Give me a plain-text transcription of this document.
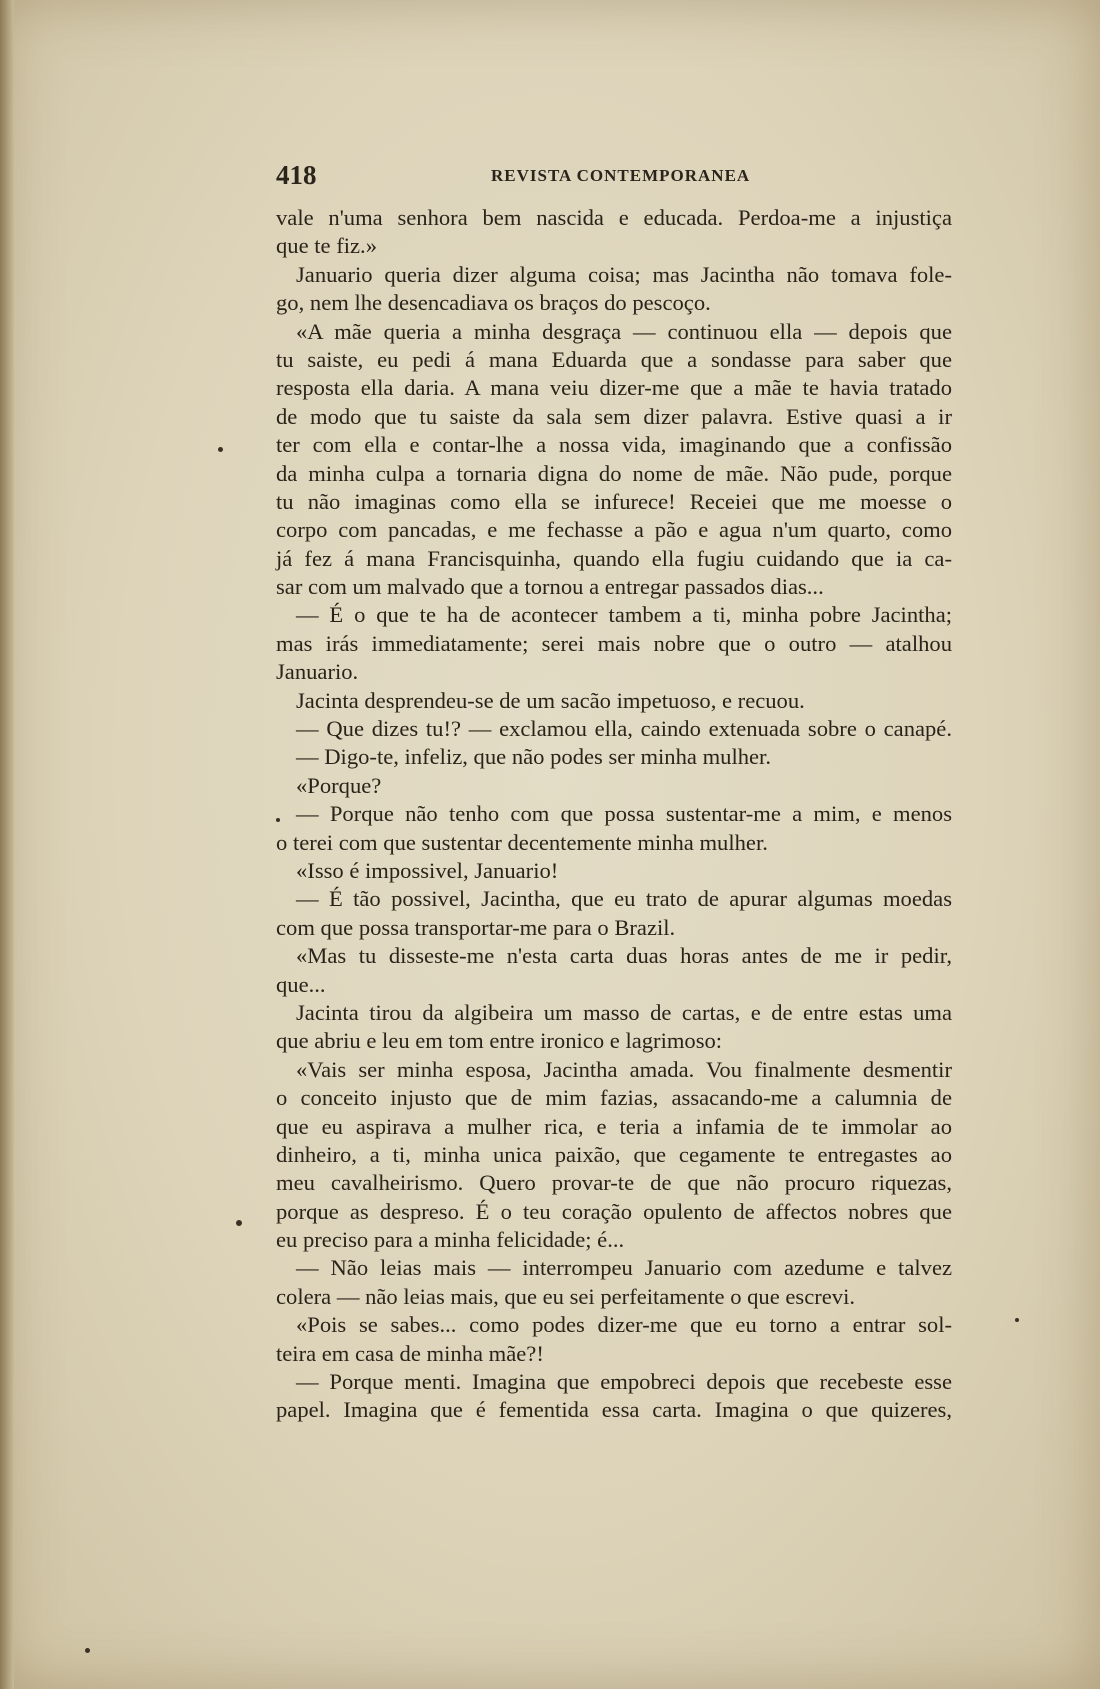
418	REVISTA CONTEMPORANEA
vale n'uma senhora bem nascida e educada. Perdoa-me a injustiça
que te fiz.»
Januario queria dizer alguma coisa; mas Jacintha não tomava fole-
go, nem lhe desencadiava os braços do pescoço.
«A mãe queria a minha desgraça — continuou ella — depois que
tu saiste, eu pedi á mana Eduarda que a sondasse para saber que
resposta ella daria. A mana veiu dizer-me que a mãe te havia tratado
de modo que tu saiste da sala sem dizer palavra. Estive quasi a ir
ter com ella e contar-lhe a nossa vida, imaginando que a confissão
da minha culpa a tornaria digna do nome de mãe. Não pude, porque
tu não imaginas como ella se infurece! Receiei que me moesse o
corpo com pancadas, e me fechasse a pão e agua n'um quarto, como
já fez á mana Francisquinha, quando ella fugiu cuidando que ia ca-
sar com um malvado que a tornou a entregar passados dias...
— É o que te ha de acontecer tambem a ti, minha pobre Jacintha;
mas irás immediatamente; serei mais nobre que o outro — atalhou
Januario.
Jacinta desprendeu-se de um sacão impetuoso, e recuou.
— Que dizes tu!? — exclamou ella, caindo extenuada sobre o canapé.
— Digo-te, infeliz, que não podes ser minha mulher.
«Porque?
— Porque não tenho com que possa sustentar-me a mim, e menos
o terei com que sustentar decentemente minha mulher.
«Isso é impossivel, Januario!
— É tão possivel, Jacintha, que eu trato de apurar algumas moedas
com que possa transportar-me para o Brazil.
«Mas tu disseste-me n'esta carta duas horas antes de me ir pedir,
que...
Jacinta tirou da algibeira um masso de cartas, e de entre estas uma
que abriu e leu em tom entre ironico e lagrimoso:
«Vais ser minha esposa, Jacintha amada. Vou finalmente desmentir
o conceito injusto que de mim fazias, assacando-me a calumnia de
que eu aspirava a mulher rica, e teria a infamia de te immolar ao
dinheiro, a ti, minha unica paixão, que cegamente te entregastes ao
meu cavalheirismo. Quero provar-te de que não procuro riquezas,
porque as despreso. É o teu coração opulento de affectos nobres que
eu preciso para a minha felicidade; é...
— Não leias mais — interrompeu Januario com azedume e talvez
colera — não leias mais, que eu sei perfeitamente o que escrevi.
«Pois se sabes... como podes dizer-me que eu torno a entrar sol-
teira em casa de minha mãe?!
— Porque menti. Imagina que empobreci depois que recebeste esse
papel. Imagina que é fementida essa carta. Imagina o que quizeres,
